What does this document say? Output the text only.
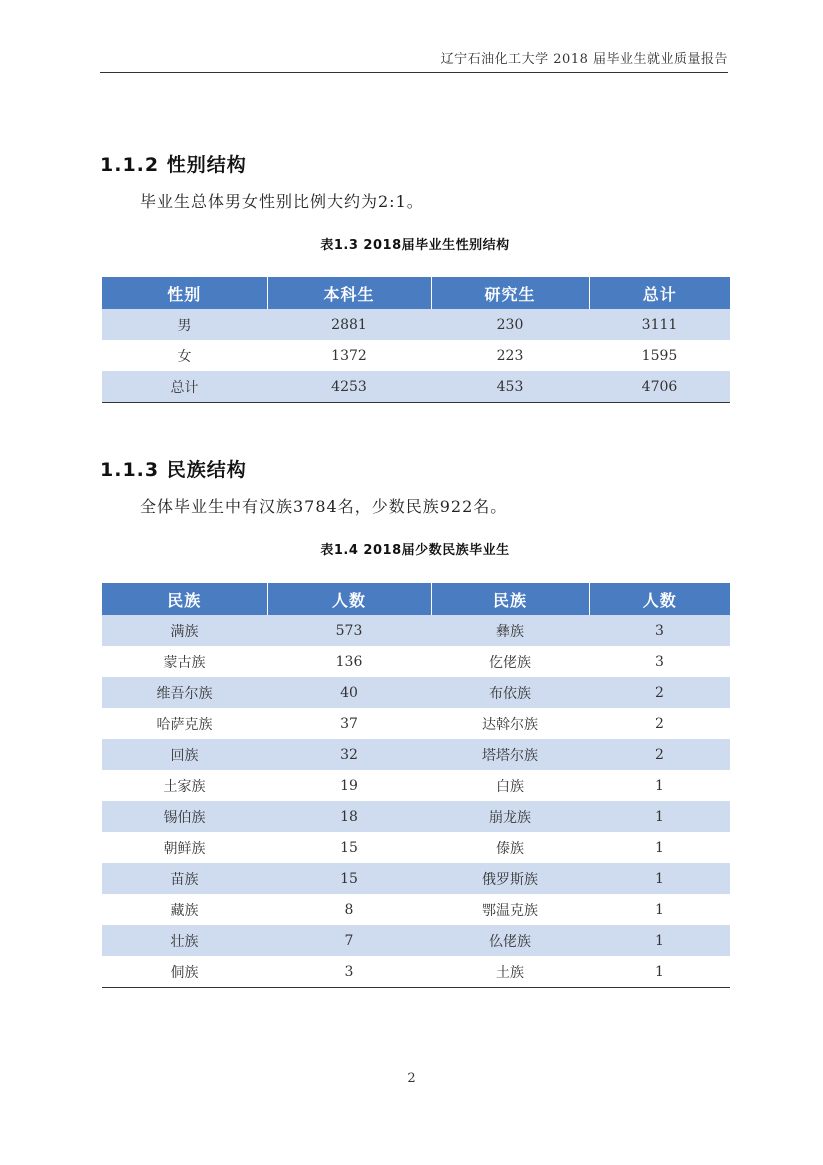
辽宁石油化工大学 2018 届毕业生就业质量报告
1.1.2 性别结构
毕业生总体男女性别比例大约为2:1。
表1.3 2018届毕业生性别结构
性别	本科生	研究生	总计
男	2881	230	3111
女	1372	223	1595
总计	4253	453	4706
1.1.3 民族结构
全体毕业生中有汉族3784名，少数民族922名。
表1.4 2018届少数民族毕业生
民族	人数	民族	人数
满族	573	彝族	3
蒙古族	136	仡佬族	3
维吾尔族	40	布依族	2
哈萨克族	37	达斡尔族	2
回族	32	塔塔尔族	2
土家族	19	白族	1
锡伯族	18	崩龙族	1
朝鲜族	15	傣族	1
苗族	15	俄罗斯族	1
藏族	8	鄂温克族	1
壮族	7	仫佬族	1
侗族	3	土族	1
2
